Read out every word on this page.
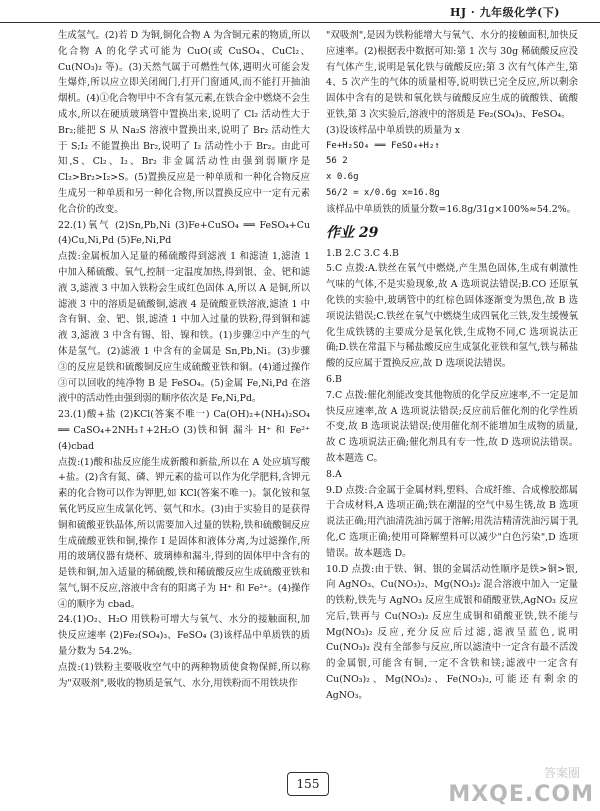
HJ · 九年级化学(下)

生成氢气。(2)若 D 为铜,铜化合物 A 为含铜元素的物质,所以化合物 A 的化学式可能为 CuO(或 CuSO₄、CuCl₂、Cu(NO₃)₂ 等)。(3)天然气属于可燃性气体,遇明火可能会发生爆炸,所以应立即关闭阀门,打开门窗通风,而不能打开抽油烟机。(4)①化合物甲中不含有氢元素,在铁合金中燃烧不会生成水,所以在硬质玻璃管中置换出来,说明了 Cl₂ 活动性大于 Br₂;能把 S 从 Na₂S 溶液中置换出来,说明了 Br₂ 活动性大于 S;I₂ 不能置换出 Br₂,说明了 I₂ 活动性小于 Br₂。由此可知,S、Cl₂、I₂、Br₂ 非金属活动性由强到弱顺序是 Cl₂>Br₂>I₂>S。(5)置换反应是一种单质和一种化合物反应生成另一种单质和另一种化合物,所以置换反应中一定有元素化合价的改变。

22.(1)氧气 (2)Sn,Pb,Ni (3)Fe+CuSO₄ ══ FeSO₄+Cu (4)Cu,Ni,Pd (5)Fe,Ni,Pd

点拨:金属板加入足量的稀硫酸得到滤液 1 和滤渣 1,滤渣 1 中加入稀硫酸、氧气,控制一定温度加热,得到银、金、钯和滤液 3,滤液 3 中加入铁粉会生成红色固体 A,所以 A 是铜,所以滤液 3 中的溶质是硫酸铜,滤液 4 是硫酸亚铁溶液,滤渣 1 中含有铜、金、钯、银,滤渣 1 中加入过量的铁粉,得到铜和滤液 3,滤液 3 中含有锡、铅、镍和铁。(1)步骤②中产生的气体是氢气。(2)滤液 1 中含有的金属是 Sn,Pb,Ni。(3)步骤③的反应是铁和硫酸铜反应生成硫酸亚铁和铜。(4)通过操作③可以回收的纯净物 B 是 FeSO₄。(5)金属 Fe,Ni,Pd 在溶液中的活动性由强到弱的顺序依次是 Fe,Ni,Pd。

23.(1)酸+盐 (2)KCl(答案不唯一) Ca(OH)₂+(NH₄)₂SO₄ ══ CaSO₄+2NH₃↑+2H₂O (3)铁和铜 漏斗 H⁺ 和 Fe²⁺ (4)cbad

点拨:(1)酸和盐反应能生成新酸和新盐,所以在 A 处应填写酸+盐。(2)含有氮、磷、钾元素的盐可以作为化学肥料,含钾元素的化合物可以作为钾肥,如 KCl(答案不唯一)。氯化铵和氢氧化钙反应生成氯化钙、氨气和水。(3)由于实验目的是获得铜和硫酸亚铁晶体,所以需要加入过量的铁粉,铁和硫酸铜反应生成硫酸亚铁和铜,操作 I 是固体和液体分离,为过滤操作,所用的玻璃仪器有烧杯、玻璃棒和漏斗,得到的固体甲中含有的是铁和铜,加入适量的稀硫酸,铁和稀硫酸反应生成硫酸亚铁和氢气,铜不反应,溶液中含有的阳离子为 H⁺ 和 Fe²⁺。(4)操作④的顺序为 cbad。

24.(1)O₂、H₂O 用铁粉可增大与氧气、水分的接触面积,加快反应速率 (2)Fe₂(SO₄)₃、FeSO₄ (3)该样品中单质铁的质量分数为 54.2%。

点拨:(1)铁粉主要吸收空气中的两种物质使食物保鲜,所以称为"双吸剂",吸收的物质是氧气、水分,用铁粉而不用铁块作

"双吸剂",是因为铁粉能增大与氧气、水分的接触面积,加快反应速率。(2)根据表中数据可知:第 1 次与 30g 稀硫酸反应没有气体产生,说明是氧化铁与硫酸反应;第 3 次有气体产生,第 4、5 次产生的气体的质量相等,说明铁已完全反应,所以剩余固体中含有的是铁和氧化铁与硫酸反应生成的硫酸铁、硫酸亚铁,第 3 次实验后,溶液中的溶质是 Fe₂(SO₄)₃、FeSO₄。

(3)设该样品中单质铁的质量为 x

Fe+H₂SO₄ ══ FeSO₄+H₂↑

56 2

x 0.6g

56/2 = x/0.6g x=16.8g

该样品中单质铁的质量分数=16.8g/31g×100%≈54.2%。

作业 29

1.B 2.C 3.C 4.B

5.C 点拨:A.铁丝在氧气中燃烧,产生黑色固体,生成有刺激性气味的气体,不是实验现象,故 A 选项说法错误;B.CO 还原氧化铁的实验中,玻璃管中的红棕色固体逐渐变为黑色,故 B 选项说法错误;C.铁丝在氧气中燃烧生成四氧化三铁,发生缓慢氧化生成铁锈的主要成分是氧化铁,生成物不同,C 选项说法正确;D.铁在常温下与稀盐酸反应生成氯化亚铁和氢气,铁与稀盐酸的反应属于置换反应,故 D 选项说法错误。

6.B

7.C 点拨:催化剂能改变其他物质的化学反应速率,不一定是加快反应速率,故 A 选项说法错误;反应前后催化剂的化学性质不变,故 B 选项说法错误;使用催化剂不能增加生成物的质量,故 C 选项说法正确;催化剂具有专一性,故 D 选项说法错误。故本题选 C。

8.A

9.D 点拨:合金属于金属材料,塑料、合成纤维、合成橡胶都属于合成材料,A 选项正确;铁在潮湿的空气中易生锈,故 B 选项说法正确;用汽油清洗油污属于溶解;用洗洁精清洗油污属于乳化,C 选项正确;使用可降解塑料可以减少"白色污染",D 选项错误。故本题选 D。

10.D 点拨:由于铁、铜、银的金属活动性顺序是铁>铜>银,向 AgNO₃、Cu(NO₃)₂、Mg(NO₃)₂ 混合溶液中加入一定量的铁粉,铁先与 AgNO₃ 反应生成银和硝酸亚铁,AgNO₃ 反应完后,铁再与 Cu(NO₃)₂ 反应生成铜和硝酸亚铁,铁不能与 Mg(NO₃)₂ 反应,充分反应后过滤,滤液呈蓝色,说明 Cu(NO₃)₂ 没有全部参与反应,所以滤渣中一定含有最不活泼的金属银,可能含有铜,一定不含铁和镁;滤液中一定含有 Cu(NO₃)₂、Mg(NO₃)₂、Fe(NO₃)₂,可能还有剩余的 AgNO₃。

155
答案圈
MXQE.COM
